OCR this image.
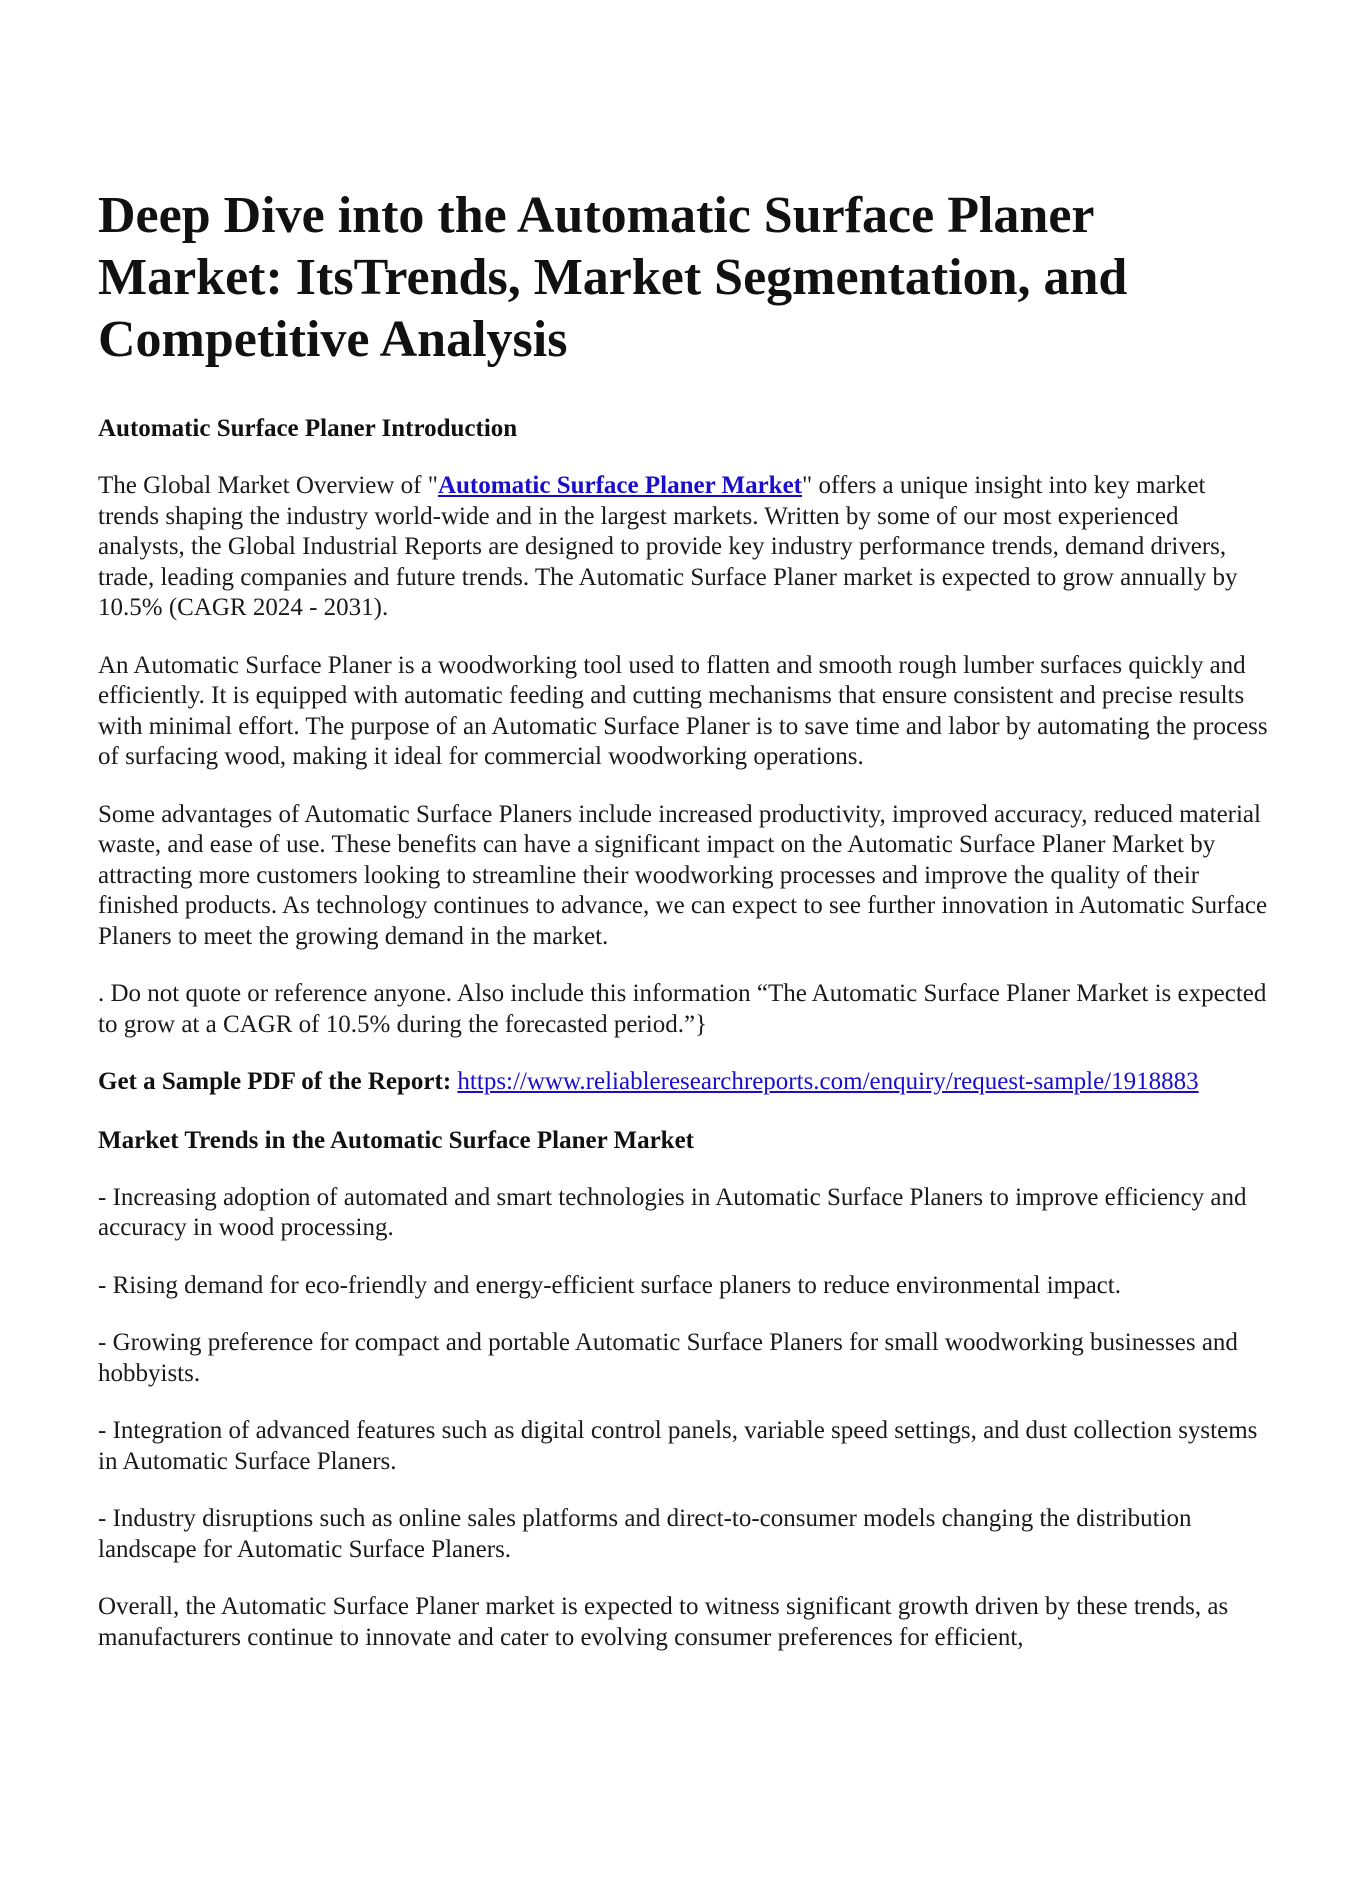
Deep Dive into the Automatic Surface Planer Market: ItsTrends, Market Segmentation, and Competitive Analysis
Automatic Surface Planer Introduction

The Global Market Overview of "Automatic Surface Planer Market" offers a unique insight into key market trends shaping the industry world-wide and in the largest markets. Written by some of our most experienced analysts, the Global Industrial Reports are designed to provide key industry performance trends, demand drivers, trade, leading companies and future trends. The Automatic Surface Planer market is expected to grow annually by 10.5% (CAGR 2024 - 2031).

An Automatic Surface Planer is a woodworking tool used to flatten and smooth rough lumber surfaces quickly and efficiently. It is equipped with automatic feeding and cutting mechanisms that ensure consistent and precise results with minimal effort. The purpose of an Automatic Surface Planer is to save time and labor by automating the process of surfacing wood, making it ideal for commercial woodworking operations.

Some advantages of Automatic Surface Planers include increased productivity, improved accuracy, reduced material waste, and ease of use. These benefits can have a significant impact on the Automatic Surface Planer Market by attracting more customers looking to streamline their woodworking processes and improve the quality of their finished products. As technology continues to advance, we can expect to see further innovation in Automatic Surface Planers to meet the growing demand in the market.

. Do not quote or reference anyone. Also include this information “The Automatic Surface Planer Market is expected to grow at a CAGR of 10.5% during the forecasted period.”}

Get a Sample PDF of the Report: https://www.reliableresearchreports.com/enquiry/request-sample/1918883

Market Trends in the Automatic Surface Planer Market

- Increasing adoption of automated and smart technologies in Automatic Surface Planers to improve efficiency and accuracy in wood processing.

- Rising demand for eco-friendly and energy-efficient surface planers to reduce environmental impact.

- Growing preference for compact and portable Automatic Surface Planers for small woodworking businesses and hobbyists.

- Integration of advanced features such as digital control panels, variable speed settings, and dust collection systems in Automatic Surface Planers.

- Industry disruptions such as online sales platforms and direct-to-consumer models changing the distribution landscape for Automatic Surface Planers.

Overall, the Automatic Surface Planer market is expected to witness significant growth driven by these trends, as manufacturers continue to innovate and cater to evolving consumer preferences for efficient,
